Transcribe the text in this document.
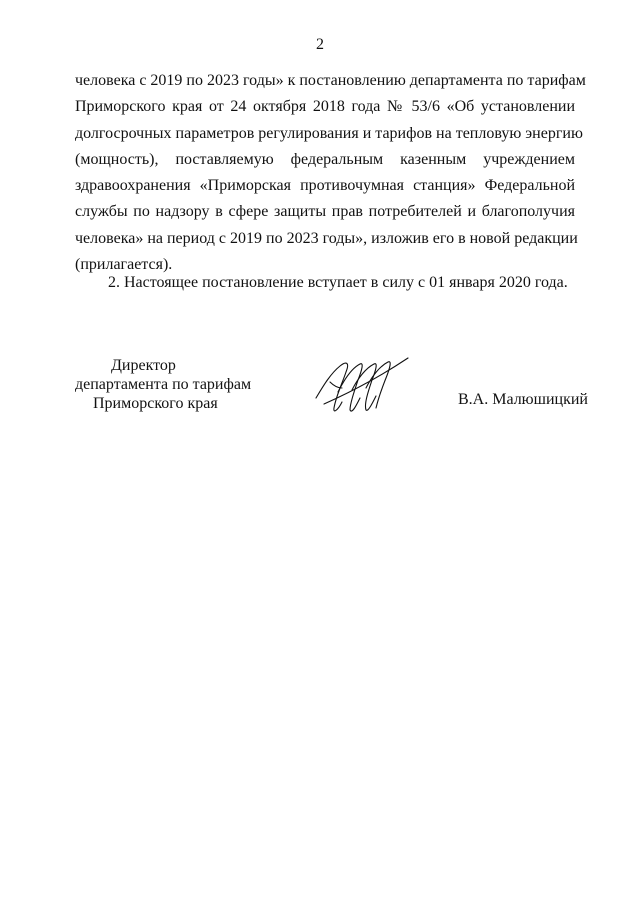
2
человека с 2019 по 2023 годы» к постановлению департамента по тарифам
Приморского края от 24 октября 2018 года № 53/6 «Об установлении
долгосрочных параметров регулирования и тарифов на тепловую энергию
(мощность), поставляемую федеральным казенным учреждением
здравоохранения «Приморская противочумная станция» Федеральной
службы по надзору в сфере защиты прав потребителей и благополучия
человека» на период с 2019 по 2023 годы», изложив его в новой редакции
(прилагается).
2. Настоящее постановление вступает в силу с 01 января 2020 года.
Директор
департамента по тарифам
Приморского края	В.А. Малюшицкий
